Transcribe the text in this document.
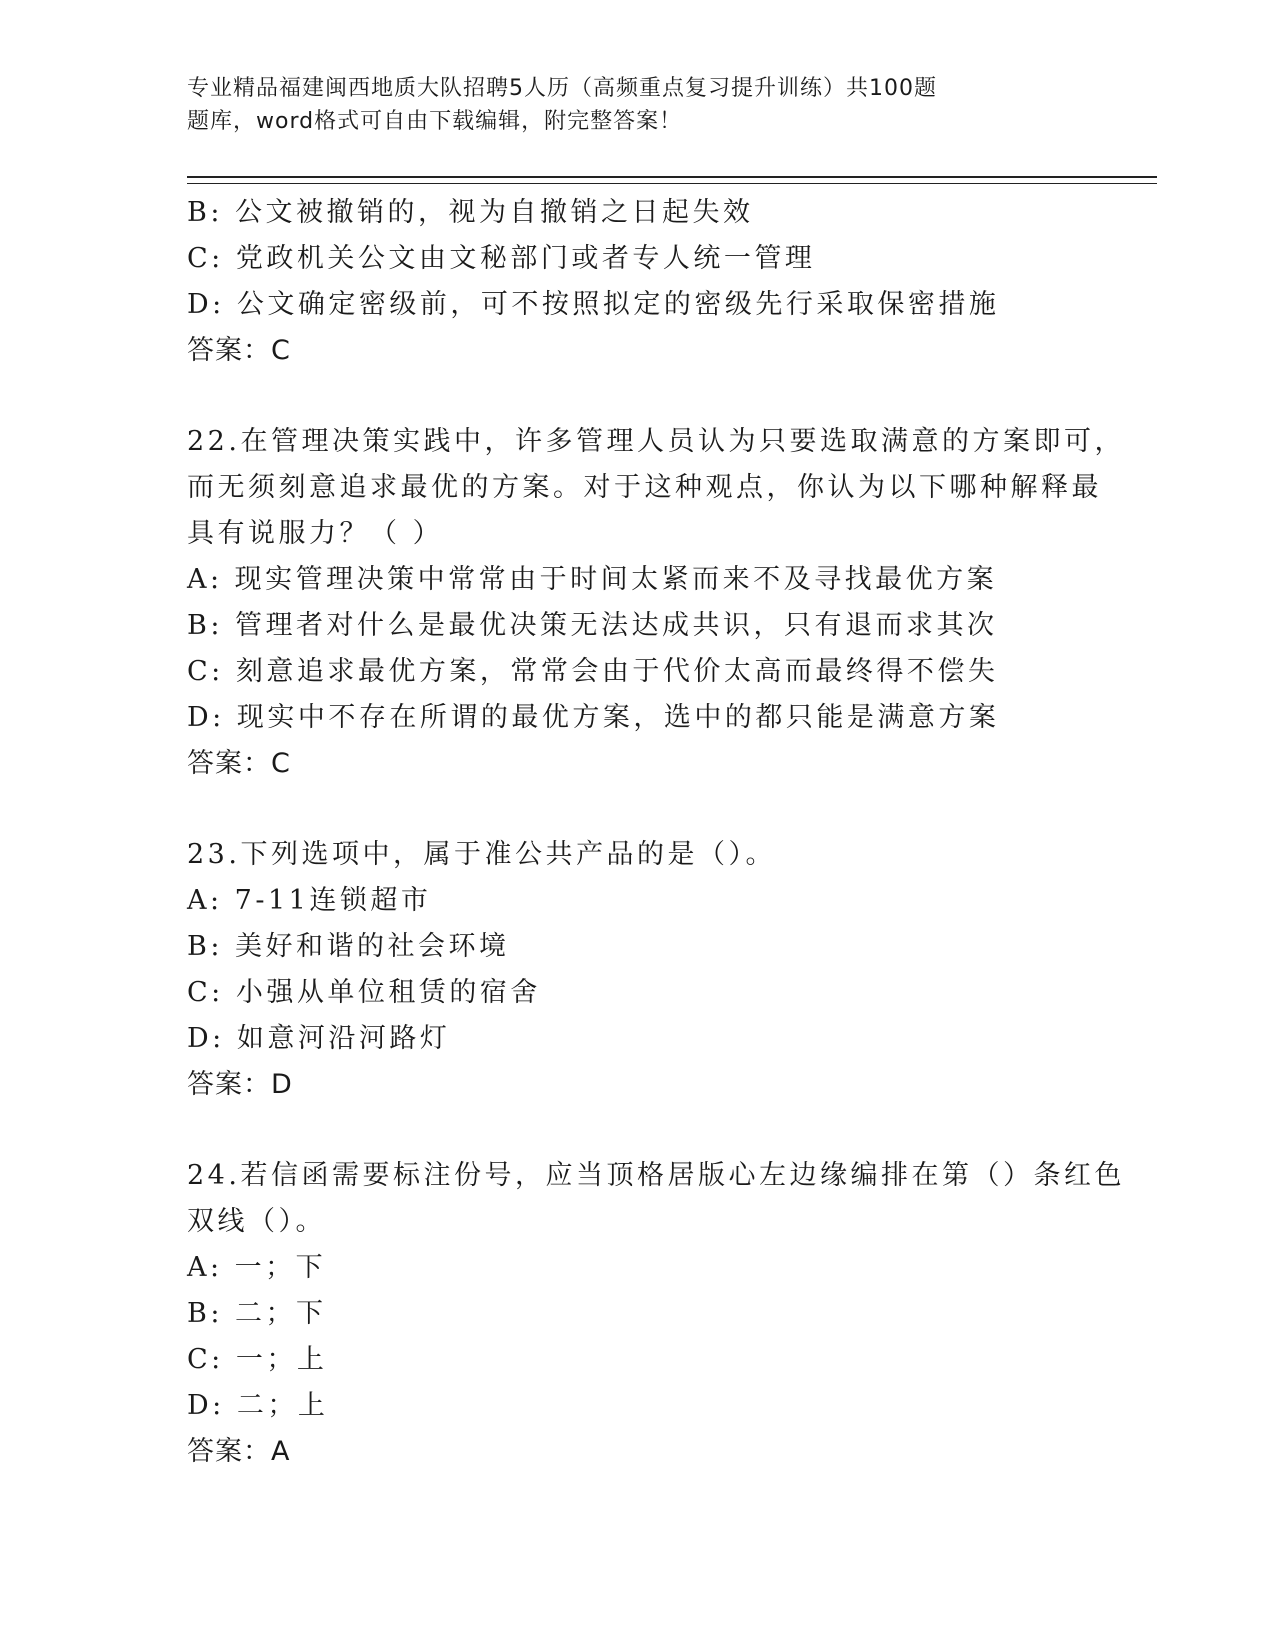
专业精品福建闽西地质大队招聘5人历（高频重点复习提升训练）共100题
题库，word格式可自由下载编辑，附完整答案！
B: 公文被撤销的，视为自撤销之日起失效
C: 党政机关公文由文秘部门或者专人统一管理
D: 公文确定密级前，可不按照拟定的密级先行采取保密措施
答案：C
22.在管理决策实践中，许多管理人员认为只要选取满意的方案即可，
而无须刻意追求最优的方案。对于这种观点，你认为以下哪种解释最
具有说服力？（ ）
A: 现实管理决策中常常由于时间太紧而来不及寻找最优方案
B: 管理者对什么是最优决策无法达成共识，只有退而求其次
C: 刻意追求最优方案，常常会由于代价太高而最终得不偿失
D: 现实中不存在所谓的最优方案，选中的都只能是满意方案
答案：C
23.下列选项中，属于准公共产品的是（）。
A: 7-11连锁超市
B: 美好和谐的社会环境
C: 小强从单位租赁的宿舍
D: 如意河沿河路灯
答案：D
24.若信函需要标注份号，应当顶格居版心左边缘编排在第（）条红色
双线（）。
A: 一；下
B: 二；下
C: 一；上
D: 二；上
答案：A
